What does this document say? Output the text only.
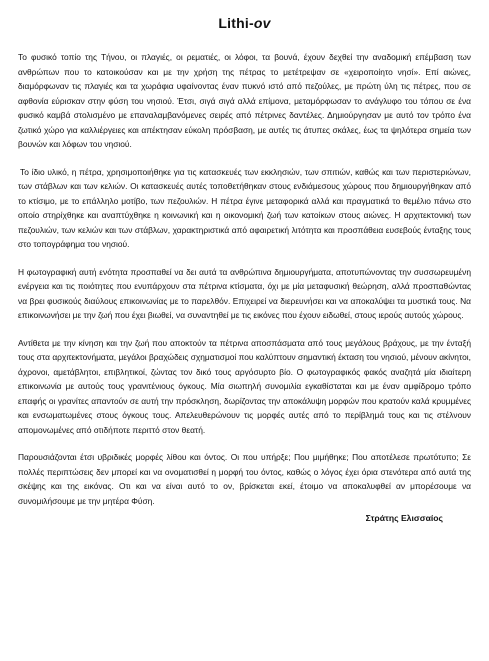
Lithi-ov

Το φυσικό τοπίο της Τήνου, οι πλαγιές, οι ρεματιές, οι λόφοι, τα βουνά, έχουν δεχθεί την αναδομική επέμβαση των ανθρώπων που το κατοικούσαν και με την χρήση της πέτρας το μετέτρεψαν σε «χειροποίητο νησί». Επί αιώνες, διαμόρφωναν τις πλαγιές και τα χωράφια υφαίνοντας έναν πυκνό ιστό από πεζούλες, με πρώτη ύλη τις πέτρες, που σε αφθονία εύρισκαν στην φύση του νησιού. Έτσι, σιγά σιγά αλλά επίμονα, μεταμόρφωσαν το ανάγλυφο του τόπου σε ένα φυσικό καμβά στολισμένο με επαναλαμβανόμενες σειρές από πέτρινες δαντέλες. Δημιούργησαν με αυτό τον τρόπο ένα ζωτικό χώρο για καλλιέργειες και απέκτησαν εύκολη πρόσβαση, με αυτές τις άτυπες σκάλες, έως τα ψηλότερα σημεία των βουνών και λόφων του νησιού.

Το ίδιο υλικό, η πέτρα, χρησιμοποιήθηκε για τις κατασκευές των εκκλησιών, των σπιτιών, καθώς και των περιστεριώνων, των στάβλων και των κελιών. Οι κατασκευές αυτές τοποθετήθηκαν στους ενδιάμεσους χώρους που δημιουργήθηκαν από το κτίσιμο, με το επάλληλο μοτίβο, των πεζουλιών. Η πέτρα έγινε μεταφορικά αλλά και πραγματικά το θεμέλιο πάνω στο οποίο στηρίχθηκε και αναπτύχθηκε η κοινωνική και η οικονομική ζωή των κατοίκων στους αιώνες. Η αρχιτεκτονική των πεζουλιών, των κελιών και των στάβλων, χαρακτηριστικά από αφαιρετική λιτότητα και προσπάθεια ευσεβούς ένταξης τους στο τοπογράφημα του νησιού.

Η φωτογραφική αυτή ενότητα προσπαθεί να δει αυτά τα ανθρώπινα δημιουργήματα, αποτυπώνοντας την συσσωρευμένη ενέργεια και τις ποιότητες που ενυπάρχουν στα πέτρινα κτίσματα, όχι με μία μεταφυσική θεώρηση, αλλά προσπαθώντας να βρει φυσικούς διαύλους επικοινωνίας με το παρελθόν. Επιχειρεί να διερευνήσει και να αποκαλύψει τα μυστικά τους. Να επικοινωνήσει με την ζωή που έχει βιωθεί, να συναντηθεί με τις εικόνες που έχουν ειδωθεί, στους ιερούς αυτούς χώρους.

Αντίθετα με την κίνηση και την ζωή που αποκτούν τα πέτρινα αποσπάσματα από τους μεγάλους βράχους, με την ένταξή τους στα αρχιτεκτονήματα, μεγάλοι βραχώδεις σχηματισμοί που καλύπτουν σημαντική έκταση του νησιού, μένουν ακίνητοι, άχρονοι, αμετάβλητοι, επιβλητικοί, ζώντας τον δικό τους αργόσυρτο βίο. Ο φωτογραφικός φακός αναζητά μία ιδιαίτερη επικοινωνία με αυτούς τους γρανιτένιους όγκους. Μία σιωπηλή συνομιλία εγκαθίσταται και με έναν αμφίδρομο τρόπο επαφής οι γρανίτες απαντούν σε αυτή την πρόσκληση, δωρίζοντας την αποκάλυψη μορφών που κρατούν καλά κρυμμένες και ενσωματωμένες στους όγκους τους. Απελευθερώνουν τις μορφές αυτές από το περίβλημά τους και τις στέλνουν απομονωμένες από οτιδήποτε περιττό στον θεατή.

Παρουσιάζονται έτσι υβριδικές μορφές λίθου και όντος. Οι που υπήρξε; Που μιμήθηκε; Που αποτέλεσε πρωτότυπο; Σε πολλές περιπτώσεις δεν μπορεί και να ονοματισθεί η μορφή του όντος, καθώς ο λόγος έχει όρια στενότερα από αυτά της σκέψης και της εικόνας. Οτι και να είναι αυτό το ον, βρίσκεται εκεί, έτοιμο να αποκαλυφθεί αν μπορέσουμε να συνομιλήσουμε με την μητέρα Φύση.

Στράτης Ελισσαίος
